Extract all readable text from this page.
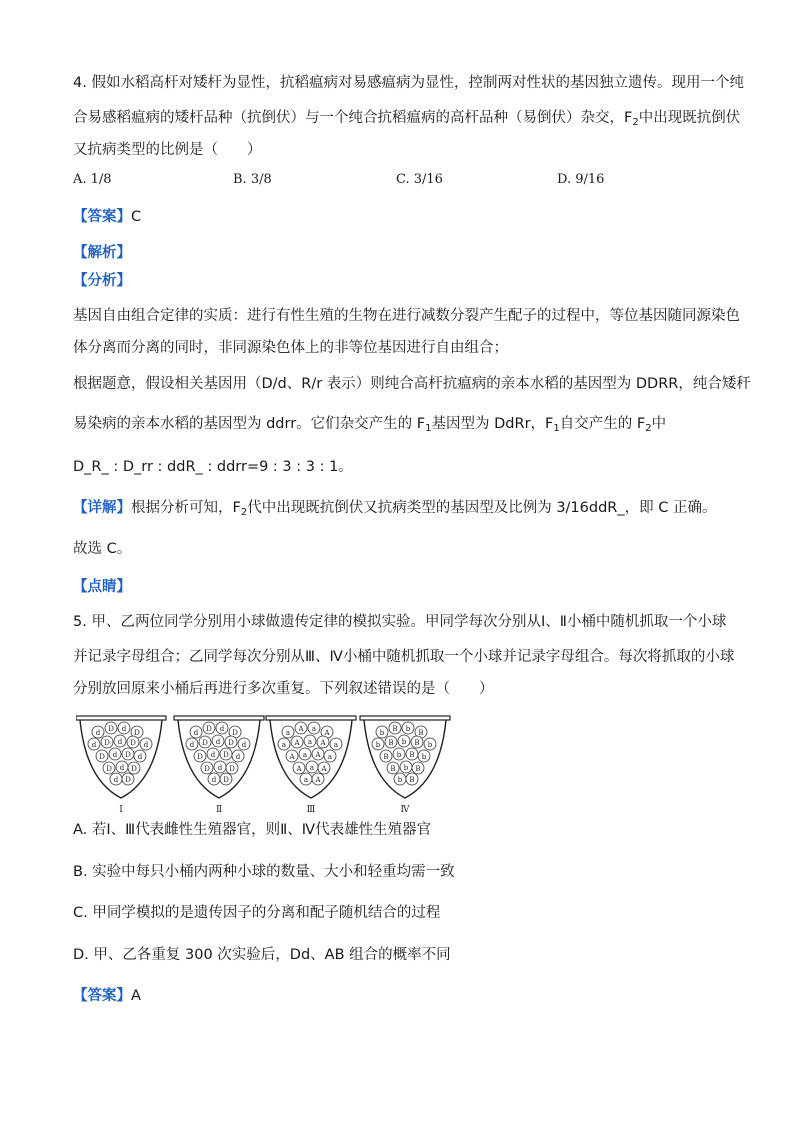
4. 假如水稻高杆对矮杆为显性，抗稻瘟病对易感瘟病为显性，控制两对性状的基因独立遗传。现用一个纯
合易感稻瘟病的矮杆品种（抗倒伏）与一个纯合抗稻瘟病的高杆品种（易倒伏）杂交，$F_2$中出现既抗倒伏
又抗病类型的比例是（　　）
A. 1/8	B. 3/8	C. 3/16	D. 9/16
【答案】C
【解析】
【分析】
基因自由组合定律的实质：进行有性生殖的生物在进行减数分裂产生配子的过程中，等位基因随同源染色
体分离而分离的同时，非同源染色体上的非等位基因进行自由组合；
根据题意，假设相关基因用（D/d、R/r 表示）则纯合高杆抗瘟病的亲本水稻的基因型为 DDRR，纯合矮秆
易染病的亲本水稻的基因型为 ddrr。它们杂交产生的 $F_1$基因型为 DdRr，$F_1$自交产生的 $F_2$中
D_R_ : D_rr : ddR_ : ddrr=9 : 3 : 3 : 1。
【详解】根据分析可知，$F_2$代中出现既抗倒伏又抗病类型的基因型及比例为 3/16ddR_，即 C 正确。
故选 C。
【点睛】
5. 甲、乙两位同学分别用小球做遗传定律的模拟实验。甲同学每次分别从Ⅰ、Ⅱ小桶中随机抓取一个小球
并记录字母组合；乙同学每次分别从Ⅲ、Ⅳ小桶中随机抓取一个小球并记录字母组合。每次将抓取的小球
分别放回原来小桶后再进行多次重复。下列叙述错误的是（　　）
d D d D
d D d D d
D d D d
D d D
d D
Ⅰ
d D d D
d D d D d
D d D d
D d D
d D
Ⅱ
a A a A
a A a A a
A a A a
A a A
a A
Ⅲ
b B b B
b B b B b
B b B b
B b B
b B
Ⅳ
A. 若Ⅰ、Ⅲ代表雌性生殖器官，则Ⅱ、Ⅳ代表雄性生殖器官
B. 实验中每只小桶内两种小球的数量、大小和轻重均需一致
C. 甲同学模拟的是遗传因子的分离和配子随机结合的过程
D. 甲、乙各重复 300 次实验后，Dd、AB 组合的概率不同
【答案】A
